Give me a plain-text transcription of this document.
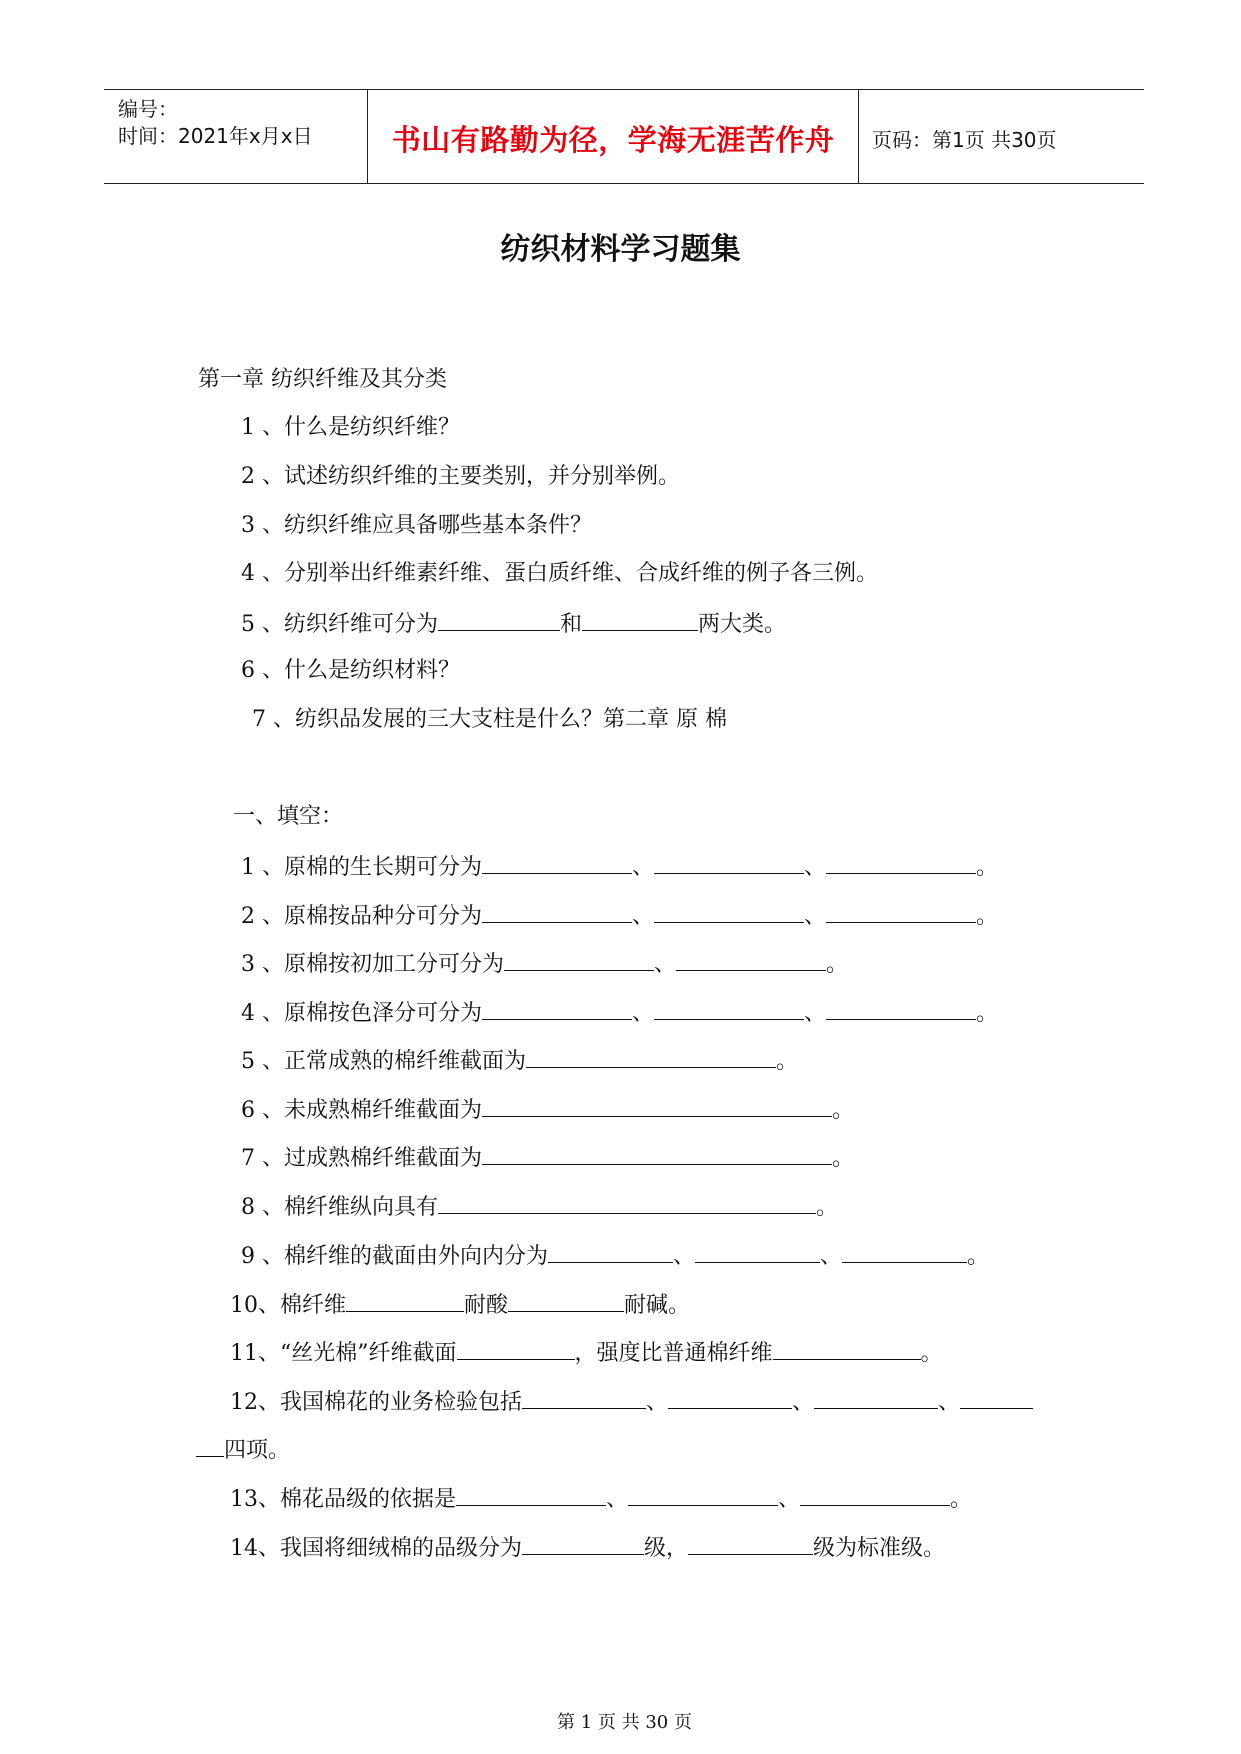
编号：
时间：2021年x月x日	书山有路勤为径，学海无涯苦作舟	页码：第1页 共30页
纺织材料学习题集
第一章 纺织纤维及其分类
1 、什么是纺织纤维？
2 、试述纺织纤维的主要类别，并分别举例。
3 、纺织纤维应具备哪些基本条件？
4 、分别举出纤维素纤维、蛋白质纤维、合成纤维的例子各三例。
5 、纺织纤维可分为	和	两大类。
6 、什么是纺织材料？
7 、纺织品发展的三大支柱是什么？第二章 原 棉
一、填空：
1 、原棉的生长期可分为	、	、	。
2 、原棉按品种分可分为	、	、	。
3 、原棉按初加工分可分为	、	。
4 、原棉按色泽分可分为	、	、	。
5 、正常成熟的棉纤维截面为	。
6 、未成熟棉纤维截面为	。
7 、过成熟棉纤维截面为	。
8 、棉纤维纵向具有	。
9 、棉纤维的截面由外向内分为	、	、	。
10、棉纤维	耐酸	耐碱。
11、“丝光棉”纤维截面	，强度比普通棉纤维	。
12、我国棉花的业务检验包括	、	、	、
四项。
13、棉花品级的依据是	、	、	。
14、我国将细绒棉的品级分为	级，	级为标准级。
第 1 页 共 30 页
